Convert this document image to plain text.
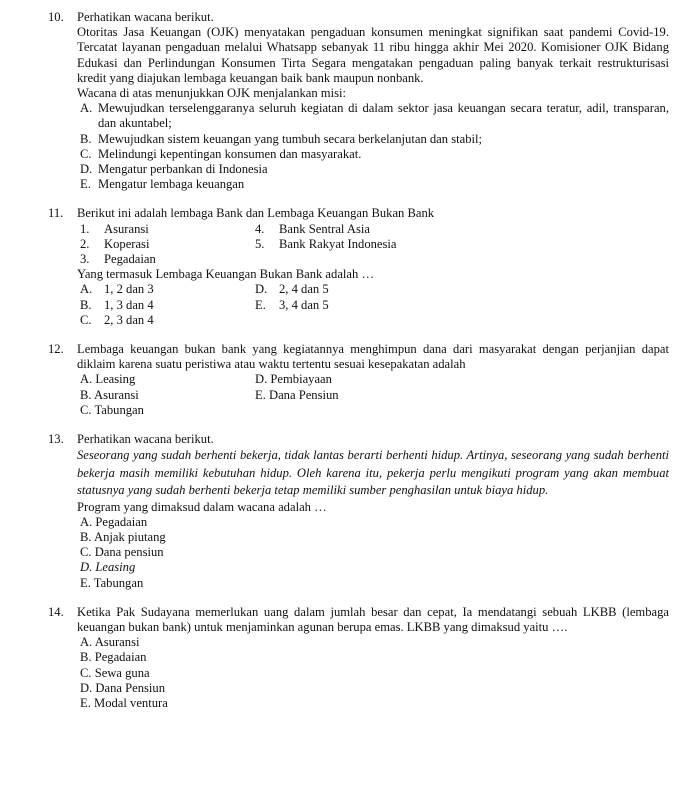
10.	Perhatikan wacana berikut.
Otoritas Jasa Keuangan (OJK) menyatakan pengaduan konsumen meningkat signifikan saat pandemi Covid-19. Tercatat layanan pengaduan melalui Whatsapp sebanyak 11 ribu hingga akhir Mei 2020. Komisioner OJK Bidang Edukasi dan Perlindungan Konsumen Tirta Segara mengatakan pengaduan paling banyak terkait restrukturisasi kredit yang diajukan lembaga keuangan baik bank maupun nonbank.
Wacana di atas menunjukkan OJK menjalankan misi:
A. Mewujudkan terselenggaranya seluruh kegiatan di dalam sektor jasa keuangan secara teratur, adil, transparan, dan akuntabel;
B. Mewujudkan sistem keuangan yang tumbuh secara berkelanjutan dan stabil;
C. Melindungi kepentingan konsumen dan masyarakat.
D. Mengatur perbankan di Indonesia
E. Mengatur lembaga keuangan
11.	Berikut ini adalah lembaga Bank dan Lembaga Keuangan Bukan Bank
1. Asuransi	4. Bank Sentral Asia
2. Koperasi	5. Bank Rakyat Indonesia
3. Pegadaian
Yang termasuk Lembaga Keuangan Bukan Bank adalah …
A. 1, 2 dan 3	D. 2, 4 dan 5
B. 1, 3 dan 4	E. 3, 4 dan 5
C. 2, 3 dan 4
12.	Lembaga keuangan bukan bank yang kegiatannya menghimpun dana dari masyarakat dengan perjanjian dapat diklaim karena suatu peristiwa atau waktu tertentu sesuai kesepakatan adalah
A. Leasing	D. Pembiayaan
B. Asuransi	E. Dana Pensiun
C. Tabungan
13.	Perhatikan wacana berikut.
Seseorang yang sudah berhenti bekerja, tidak lantas berarti berhenti hidup. Artinya, seseorang yang sudah berhenti bekerja masih memiliki kebutuhan hidup. Oleh karena itu, pekerja perlu mengikuti program yang akan membuat statusnya yang sudah berhenti bekerja tetap memiliki sumber penghasilan untuk biaya hidup.
Program yang dimaksud dalam wacana adalah …
A. Pegadaian
B. Anjak piutang
C. Dana pensiun
D. Leasing
E. Tabungan
14.	Ketika Pak Sudayana memerlukan uang dalam jumlah besar dan cepat, Ia mendatangi sebuah LKBB (lembaga keuangan bukan bank) untuk menjaminkan agunan berupa emas. LKBB yang dimaksud yaitu ….
A. Asuransi
B. Pegadaian
C. Sewa guna
D. Dana Pensiun
E. Modal ventura
